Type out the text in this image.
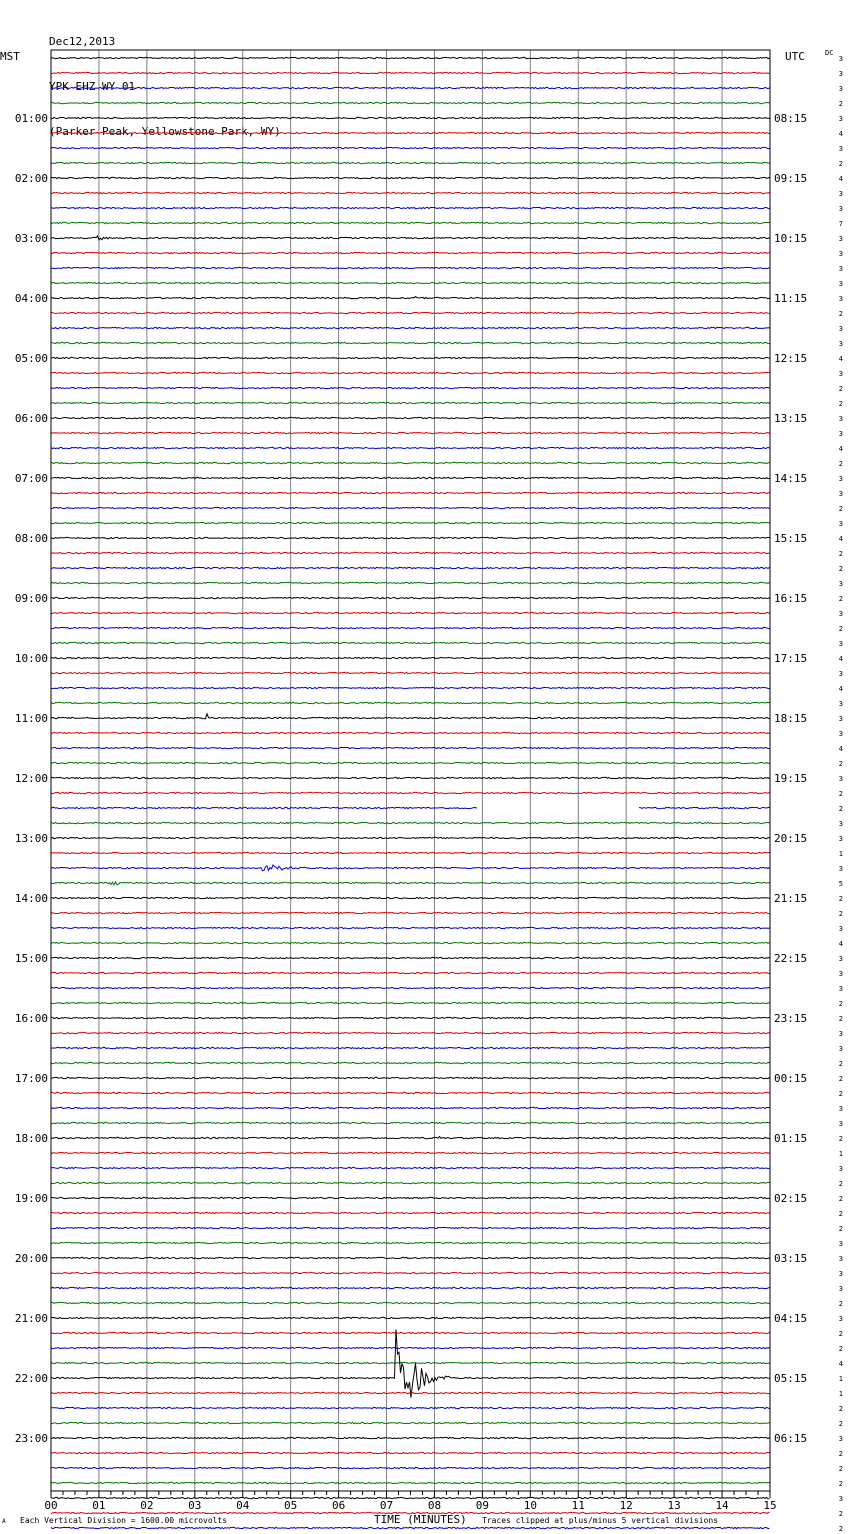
Dec12,2013

YPK EHZ WY 01

(Parker Peak, Yellowstone Park, WY)

3
3
3
2
3
4
3
2
4
3
3
7
3
3
3
3
3
2
3
3
4
3
2
2
3
3
4
2
3
3
2
3
4
2
2
3
2
3
2
3
4
3
4
3
3
3
4
2
3
2
2
3
3
1
3
5
2
2
3
4
3
3
3
2
2
3
3
2
2
2
3
3
2
1
3
2
2
2
2
3
3
3
3
2
3
2
2
4
1
1
2
2
3
2
2
2
3
2
2
01:00
02:00
03:00
04:00
05:00
06:00
07:00
08:00
09:00
10:00
11:00
12:00
13:00
14:00
15:00
16:00
17:00
18:00
19:00
20:00
21:00
22:00
23:00
08:15
09:15
10:15
11:15
12:15
13:15
14:15
15:15
16:15
17:15
18:15
19:15
20:15
21:15
22:15
23:15
00:15
01:15
02:15
03:15
04:15
05:15
06:15
MST	UTC	DC
00	01	02	03	04	05	06	07	08	09	10	11	12	13	14	15
Each Vertical Division = 1600.00 microvolts	TIME (MINUTES) Traces clipped at plus/minus 5 vertical divisions
A
